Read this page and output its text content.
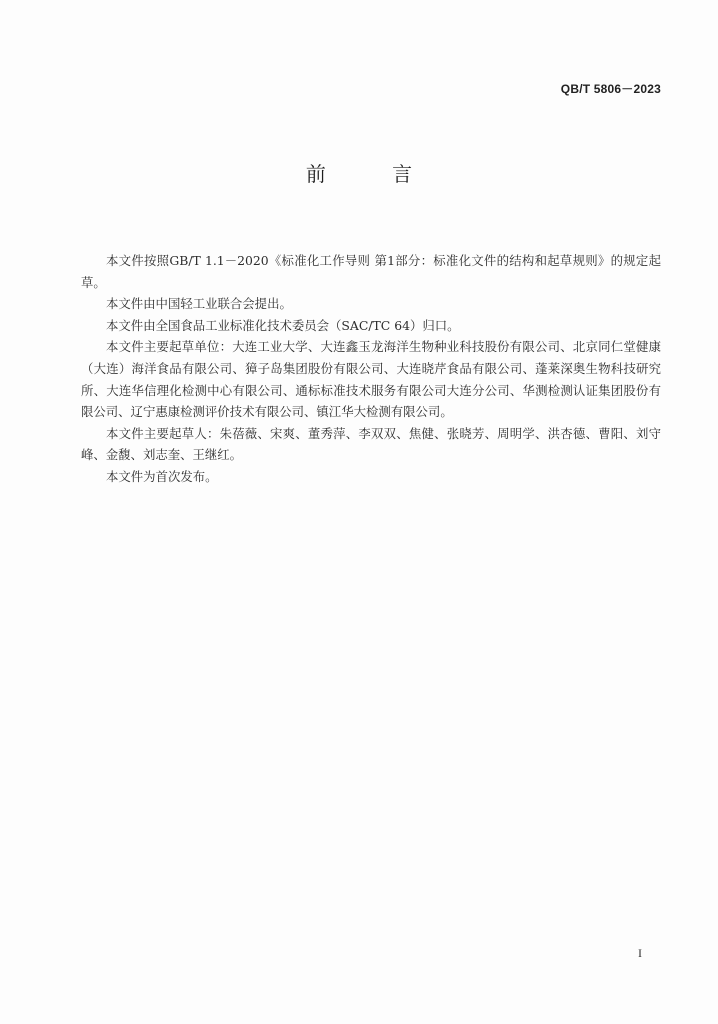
QB/T 5806－2023
前 言

本文件按照GB/T 1.1－2020《标准化工作导则 第1部分：标准化文件的结构和起草规则》的规定起草。

本文件由中国轻工业联合会提出。

本文件由全国食品工业标准化技术委员会（SAC/TC 64）归口。

本文件主要起草单位：大连工业大学、大连鑫玉龙海洋生物种业科技股份有限公司、北京同仁堂健康（大连）海洋食品有限公司、獐子岛集团股份有限公司、大连晓芹食品有限公司、蓬莱深奥生物科技研究所、大连华信理化检测中心有限公司、通标标准技术服务有限公司大连分公司、华测检测认证集团股份有限公司、辽宁惠康检测评价技术有限公司、镇江华大检测有限公司。

本文件主要起草人：朱蓓薇、宋爽、董秀萍、李双双、焦健、张晓芳、周明学、洪杏德、曹阳、刘守峰、金馥、刘志奎、王继红。

本文件为首次发布。

I
